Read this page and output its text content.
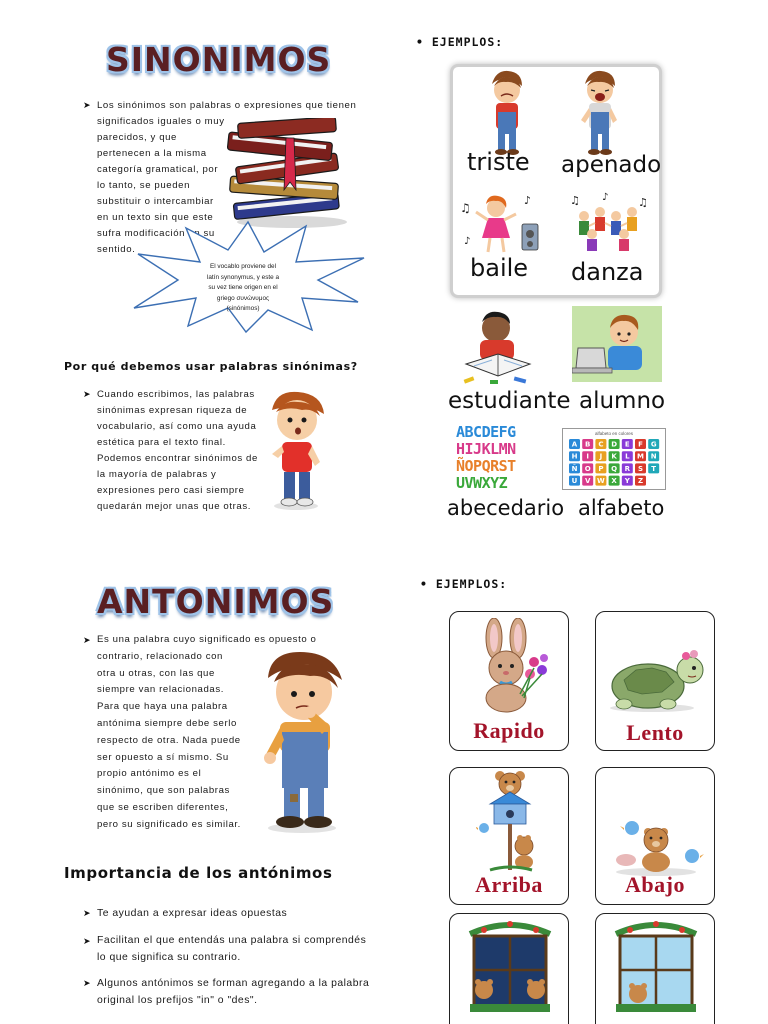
SINONIMOS
➤ Los sinónimos son palabras o expresiones que tienen
significados iguales o muy
parecidos, y que
pertenecen a la misma
categoría gramatical, por
lo tanto, se pueden
substituir o intercambiar
en un texto sin que este
sufra modificación en su
sentido.
El vocablo proviene del
latín synonymus, y este a
su vez tiene origen en el
griego συνώνυμος
(sinónimos)
Por qué debemos usar palabras sinónimas?
➤ Cuando escribimos, las palabras
sinónimas expresan riqueza de
vocabulario, así como una ayuda
estética para el texto final.
Podemos encontrar sinónimos de
la mayoría de palabras y
expresiones pero casi siempre
quedarán mejor unas que otras.
• EJEMPLOS:
triste apenado
♫
♪
♪
baile
♫ ♪	♫
danza
estudiante alumno
ABCDEFG
HIJKLMN
ÑOPQRST
UVWXYZ
abecedario
alfabeto en colores
A B C D E F G
H I J K L M N
Ñ O P Q R S T
U V W X Y Z
alfabeto
ANTONIMOS
➤ Es una palabra cuyo significado es opuesto o
contrario, relacionado con
otra u otras, con las que
siempre van relacionadas.
Para que haya una palabra
antónima siempre debe serlo
respecto de otra. Nada puede
ser opuesto a sí mismo. Su
propio antónimo es el
sinónimo, que son palabras
que se escriben diferentes,
pero su significado es similar.
Importancia de los antónimos
➤ Te ayudan a expresar ideas opuestas
➤ Facilitan el que entendás una palabra si comprendés
lo que significa su contrario.
➤ Algunos antónimos se forman agregando a la palabra
original los prefijos "in" o "des".
• EJEMPLOS:
Rapido	Lento
Arriba	Abajo
